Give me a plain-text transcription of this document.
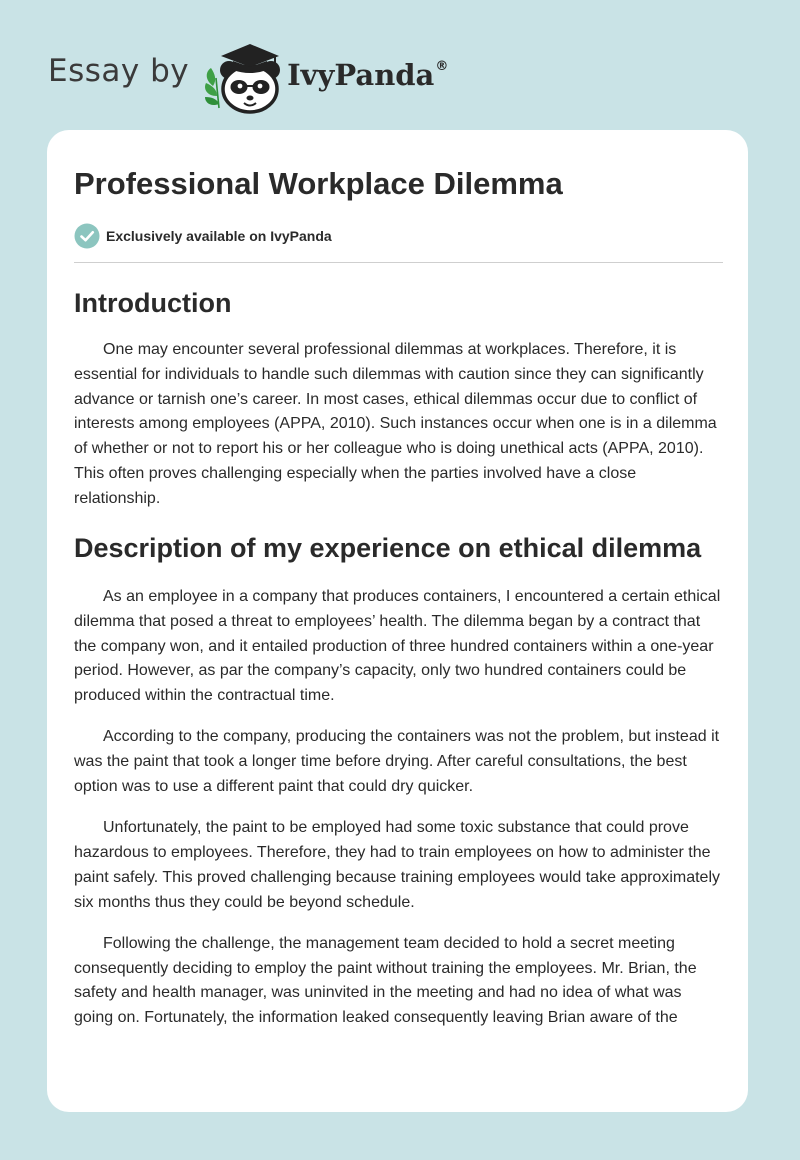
Essay by	IvyPanda®
Professional Workplace Dilemma
Exclusively available on IvyPanda
Introduction

One may encounter several professional dilemmas at workplaces. Therefore, it is essential for individuals to handle such dilemmas with caution since they can significantly advance or tarnish one’s career. In most cases, ethical dilemmas occur due to conflict of interests among employees (APPA, 2010). Such instances occur when one is in a dilemma of whether or not to report his or her colleague who is doing unethical acts (APPA, 2010). This often proves challenging especially when the parties involved have a close relationship.

Description of my experience on ethical dilemma

As an employee in a company that produces containers, I encountered a certain ethical dilemma that posed a threat to employees’ health. The dilemma began by a contract that the company won, and it entailed production of three hundred containers within a one-year period. However, as par the company’s capacity, only two hundred containers could be produced within the contractual time.

According to the company, producing the containers was not the problem, but instead it was the paint that took a longer time before drying. After careful consultations, the best option was to use a different paint that could dry quicker.

Unfortunately, the paint to be employed had some toxic substance that could prove hazardous to employees. Therefore, they had to train employees on how to administer the paint safely. This proved challenging because training employees would take approximately six months thus they could be beyond schedule.

Following the challenge, the management team decided to hold a secret meeting consequently deciding to employ the paint without training the employees. Mr. Brian, the safety and health manager, was uninvited in the meeting and had no idea of what was going on. Fortunately, the information leaked consequently leaving Brian aware of the
